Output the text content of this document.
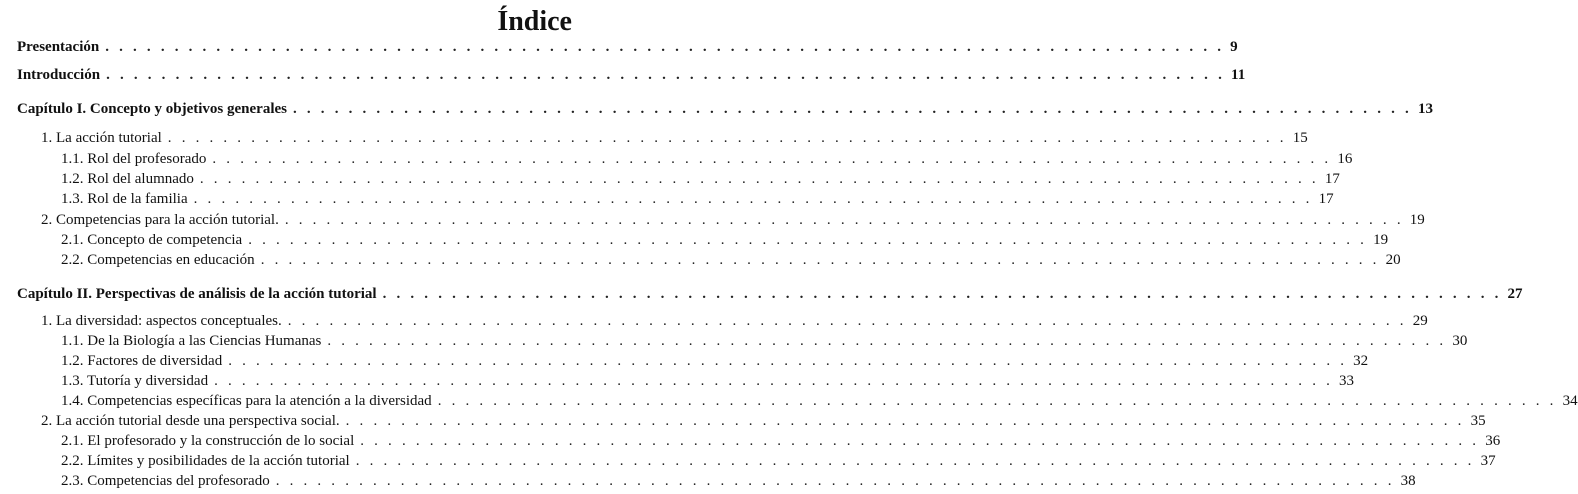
Índice
Presentación . . .	9
Introducción . . .	11
Capítulo I. Concepto y objetivos generales . . .	13
1. La acción tutorial . . .	15
1.1. Rol del profesorado . . .	16
1.2. Rol del alumnado . . .	17
1.3. Rol de la familia . . .	17
2. Competencias para la acción tutorial. . . .	19
2.1. Concepto de competencia . . .	19
2.2. Competencias en educación . . .	20
Capítulo II. Perspectivas de análisis de la acción tutorial . . .	27
1. La diversidad: aspectos conceptuales. . . .	29
1.1. De la Biología a las Ciencias Humanas . . .	30
1.2. Factores de diversidad . . .	32
1.3. Tutoría y diversidad . . .	33
1.4. Competencias específicas para la atención a la diversidad . . .	34
2. La acción tutorial desde una perspectiva social. . . .	35
2.1. El profesorado y la construcción de lo social . . .	36
2.2. Límites y posibilidades de la acción tutorial . . .	37
2.3. Competencias del profesorado . . .	38
